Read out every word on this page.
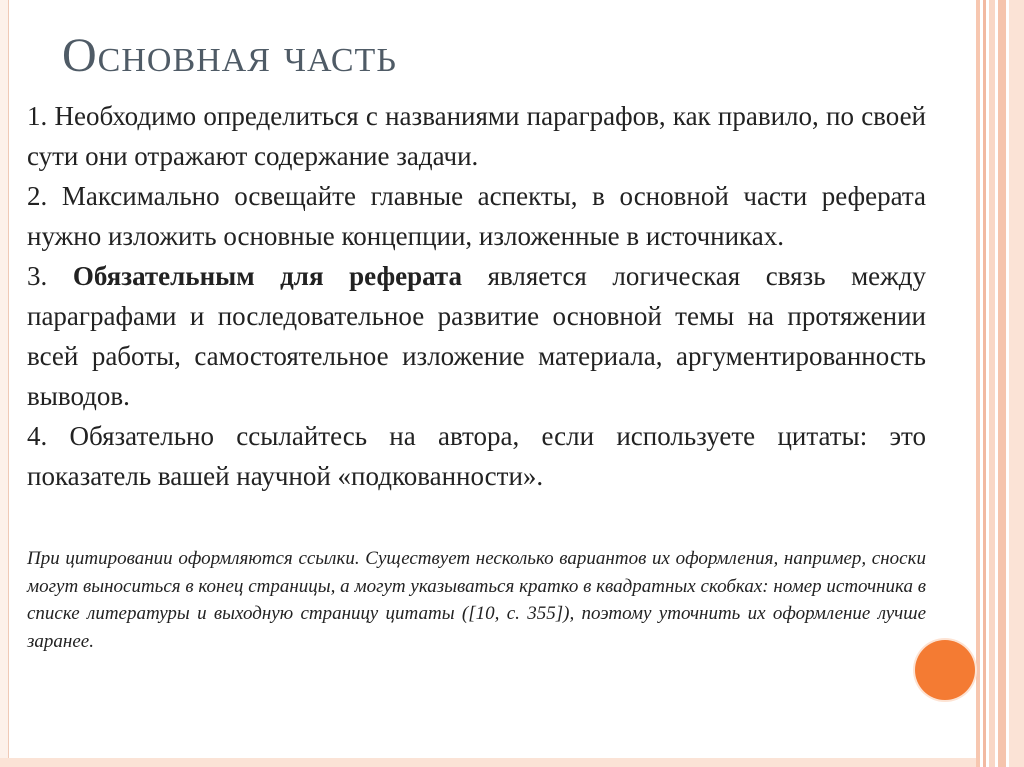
Основная часть

1. Необходимо определиться с названиями параграфов, как правило, по своей сути они отражают содержание задачи.

2. Максимально освещайте главные аспекты, в основной части реферата нужно изложить основные концепции, изложенные в источниках.

3. Обязательным для реферата является логическая связь между параграфами и последовательное развитие основной темы на протяжении всей работы, самостоятельное изложение материала, аргументированность выводов.

4. Обязательно ссылайтесь на автора, если используете цитаты: это показатель вашей научной «подкованности».

При цитировании оформляются ссылки. Существует несколько вариантов их оформления, например, сноски могут выноситься в конец страницы, а могут указываться кратко в квадратных скобках: номер источника в списке литературы и выходную страницу цитаты ([10, с. 355]), поэтому уточнить их оформление лучше заранее.
